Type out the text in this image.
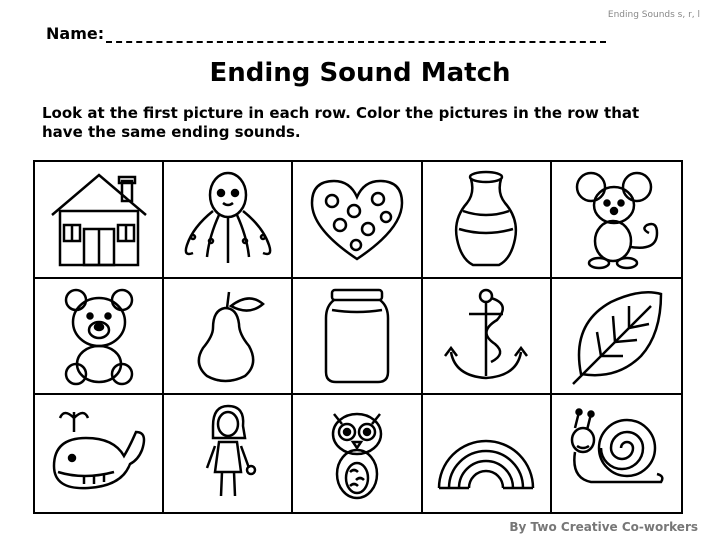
Ending Sounds s, r, l
Name:
Ending Sound Match
Look at the first picture in each row. Color the pictures in the row that have the same ending sounds.
By Two Creative Co-workers
